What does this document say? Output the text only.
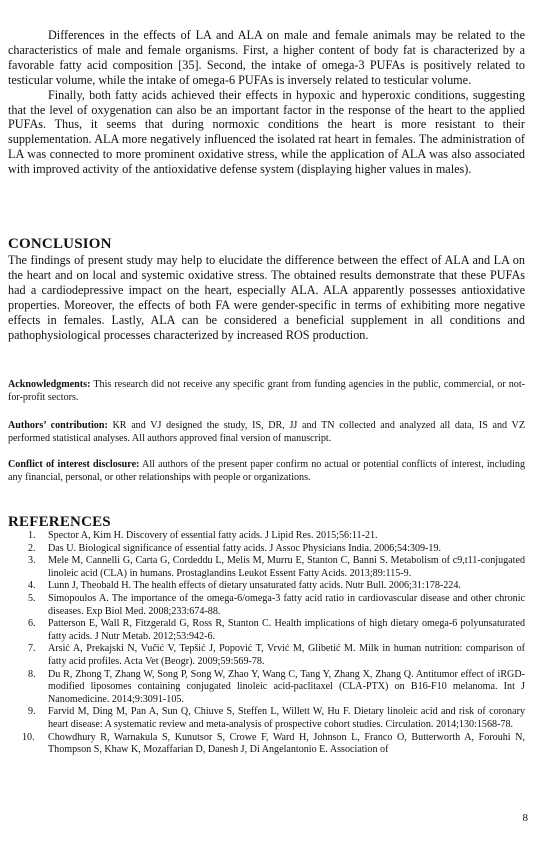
Differences in the effects of LA and ALA on male and female animals may be related to the characteristics of male and female organisms. First, a higher content of body fat is characterized by a favorable fatty acid composition [35]. Second, the intake of omega-3 PUFAs is positively related to testicular volume, while the intake of omega-6 PUFAs is inversely related to testicular volume.

Finally, both fatty acids achieved their effects in hypoxic and hyperoxic conditions, suggesting that the level of oxygenation can also be an important factor in the response of the heart to the applied PUFAs. Thus, it seems that during normoxic conditions the heart is more resistant to their supplementation. ALA more negatively influenced the isolated rat heart in females. The administration of LA was connected to more prominent oxidative stress, while the application of ALA was also associated with improved activity of the antioxidative defense system (displaying higher values in males).

CONCLUSION

The findings of present study may help to elucidate the difference between the effect of ALA and LA on the heart and on local and systemic oxidative stress. The obtained results demonstrate that these PUFAs had a cardiodepressive impact on the heart, especially ALA. ALA apparently possesses antioxidative properties. Moreover, the effects of both FA were gender-specific in terms of exhibiting more negative effects in females. Lastly, ALA can be considered a beneficial supplement in all conditions and pathophysiological processes characterized by increased ROS production.

Acknowledgments: This research did not receive any specific grant from funding agencies in the public, commercial, or not-for-profit sectors.

Authors’ contribution: KR and VJ designed the study, IS, DR, JJ and TN collected and analyzed all data, IS and VZ performed statistical analyses. All authors approved final version of manuscript.

Conflict of interest disclosure: All authors of the present paper confirm no actual or potential conflicts of interest, including any financial, personal, or other relationships with people or organizations.

REFERENCES
1. Spector A, Kim H. Discovery of essential fatty acids. J Lipid Res. 2015;56:11-21.
2. Das U. Biological significance of essential fatty acids. J Assoc Physicians India. 2006;54:309-19.
3. Mele M, Cannelli G, Carta G, Cordeddu L, Melis M, Murru E, Stanton C, Banni S. Metabolism of c9,t11-conjugated linoleic acid (CLA) in humans. Prostaglandins Leukot Essent Fatty Acids. 2013;89:115-9.
4. Lunn J, Theobald H. The health effects of dietary unsaturated fatty acids. Nutr Bull. 2006;31:178-224.
5. Simopoulos A. The importance of the omega-6/omega-3 fatty acid ratio in cardiovascular disease and other chronic diseases. Exp Biol Med. 2008;233:674-88.
6. Patterson E, Wall R, Fitzgerald G, Ross R, Stanton C. Health implications of high dietary omega-6 polyunsaturated fatty acids. J Nutr Metab. 2012;53:942-6.
7. Arsić A, Prekajski N, Vučić V, Tepšić J, Popović T, Vrvić M, Glibetić M. Milk in human nutrition: comparison of fatty acid profiles. Acta Vet (Beogr). 2009;59:569-78.
8. Du R, Zhong T, Zhang W, Song P, Song W, Zhao Y, Wang C, Tang Y, Zhang X, Zhang Q. Antitumor effect of iRGD-modified liposomes containing conjugated linoleic acid-paclitaxel (CLA-PTX) on B16-F10 melanoma. Int J Nanomedicine. 2014;9:3091-105.
9. Farvid M, Ding M, Pan A, Sun Q, Chiuve S, Steffen L, Willett W, Hu F. Dietary linoleic acid and risk of coronary heart disease: A systematic review and meta-analysis of prospective cohort studies. Circulation. 2014;130:1568-78.
10. Chowdhury R, Warnakula S, Kunutsor S, Crowe F, Ward H, Johnson L, Franco O, Butterworth A, Forouhi N, Thompson S, Khaw K, Mozaffarian D, Danesh J, Di Angelantonio E. Association of
8
